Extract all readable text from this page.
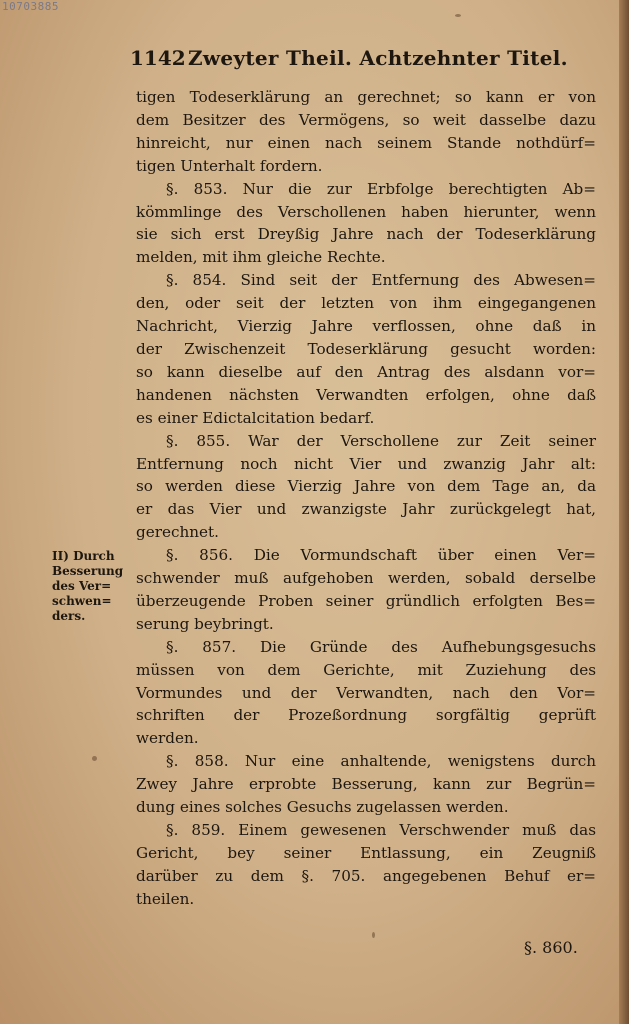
10703885
1142 Zweyter Theil. Achtzehnter Titel.
II) Durch
Besserung
des Ver=
schwen=
ders.
tigen Todeserklärung an gerechnet; so kann er von
dem Besitzer des Vermögens, so weit dasselbe dazu
hinreicht, nur einen nach seinem Stande nothdürf=
tigen Unterhalt fordern.
§. 853. Nur die zur Erbfolge berechtigten Ab=
kömmlinge des Verschollenen haben hierunter, wenn
sie sich erst Dreyßig Jahre nach der Todeserklärung
melden, mit ihm gleiche Rechte.
§. 854. Sind seit der Entfernung des Abwesen=
den, oder seit der letzten von ihm eingegangenen
Nachricht, Vierzig Jahre verflossen, ohne daß in
der Zwischenzeit Todeserklärung gesucht worden:
so kann dieselbe auf den Antrag des alsdann vor=
handenen nächsten Verwandten erfolgen, ohne daß
es einer Edictalcitation bedarf.
§. 855. War der Verschollene zur Zeit seiner
Entfernung noch nicht Vier und zwanzig Jahr alt:
so werden diese Vierzig Jahre von dem Tage an, da
er das Vier und zwanzigste Jahr zurückgelegt hat,
gerechnet.
§. 856. Die Vormundschaft über einen Ver=
schwender muß aufgehoben werden, sobald derselbe
überzeugende Proben seiner gründlich erfolgten Bes=
serung beybringt.
§. 857. Die Gründe des Aufhebungsgesuchs
müssen von dem Gerichte, mit Zuziehung des
Vormundes und der Verwandten, nach den Vor=
schriften der Prozeßordnung sorgfältig geprüft
werden.
§. 858. Nur eine anhaltende, wenigstens durch
Zwey Jahre erprobte Besserung, kann zur Begrün=
dung eines solches Gesuchs zugelassen werden.
§. 859. Einem gewesenen Verschwender muß das
Gericht, bey seiner Entlassung, ein Zeugniß
darüber zu dem §. 705. angegebenen Behuf er=
theilen.
§. 860.
